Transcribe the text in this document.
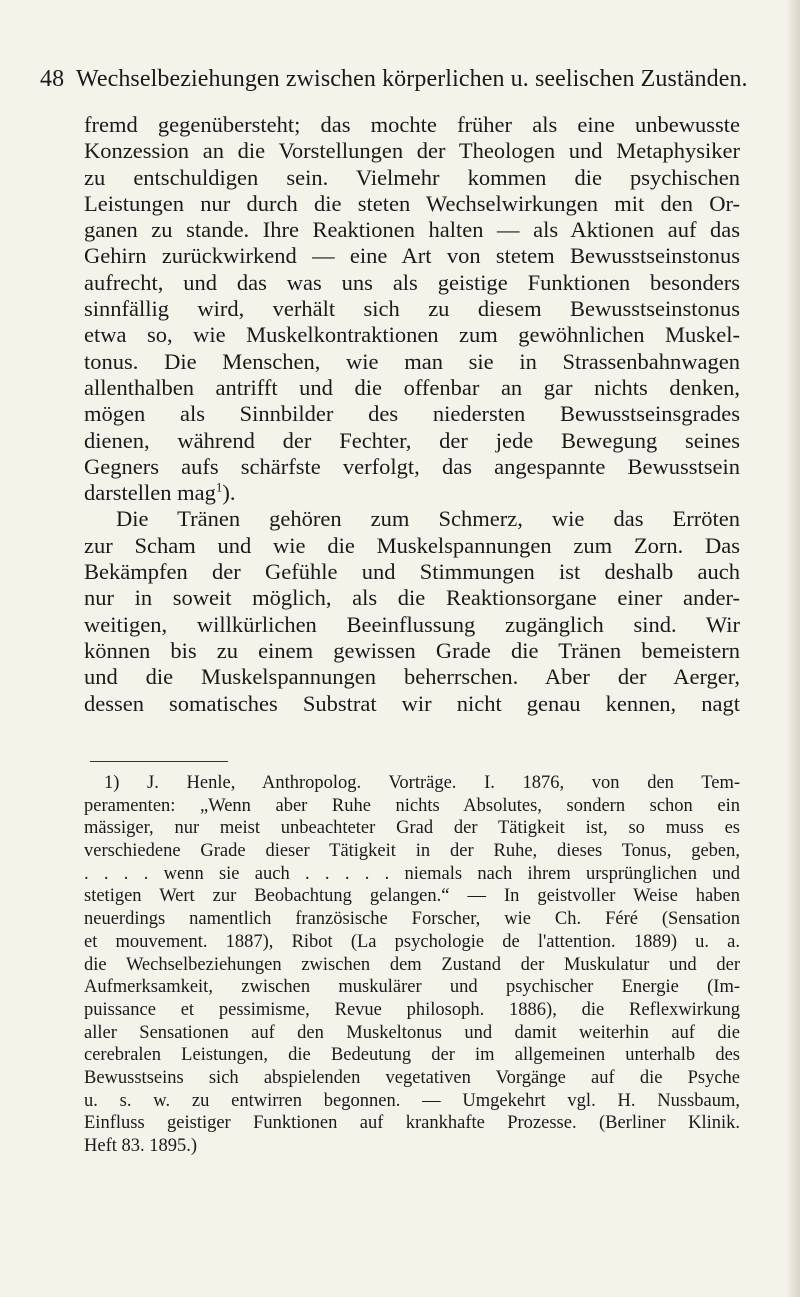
48 Wechselbeziehungen zwischen körperlichen u. seelischen Zuständen.
fremd gegenübersteht; das mochte früher als eine unbewusste
Konzession an die Vorstellungen der Theologen und Metaphysiker
zu entschuldigen sein. Vielmehr kommen die psychischen
Leistungen nur durch die steten Wechselwirkungen mit den Or-
ganen zu stande. Ihre Reaktionen halten — als Aktionen auf das
Gehirn zurückwirkend — eine Art von stetem Bewusstseinstonus
aufrecht, und das was uns als geistige Funktionen besonders
sinnfällig wird, verhält sich zu diesem Bewusstseinstonus
etwa so, wie Muskelkontraktionen zum gewöhnlichen Muskel-
tonus. Die Menschen, wie man sie in Strassenbahnwagen
allenthalben antrifft und die offenbar an gar nichts denken,
mögen als Sinnbilder des niedersten Bewusstseinsgrades
dienen, während der Fechter, der jede Bewegung seines
Gegners aufs schärfste verfolgt, das angespannte Bewusstsein
darstellen mag$^1$).
Die Tränen gehören zum Schmerz, wie das Erröten
zur Scham und wie die Muskelspannungen zum Zorn. Das
Bekämpfen der Gefühle und Stimmungen ist deshalb auch
nur in soweit möglich, als die Reaktionsorgane einer ander-
weitigen, willkürlichen Beeinflussung zugänglich sind. Wir
können bis zu einem gewissen Grade die Tränen bemeistern
und die Muskelspannungen beherrschen. Aber der Aerger,
dessen somatisches Substrat wir nicht genau kennen, nagt
1) J. Henle, Anthropolog. Vorträge. I. 1876, von den Tem-
peramenten: „Wenn aber Ruhe nichts Absolutes, sondern schon ein
mässiger, nur meist unbeachteter Grad der Tätigkeit ist, so muss es
verschiedene Grade dieser Tätigkeit in der Ruhe, dieses Tonus, geben,
. . . . wenn sie auch . . . . . niemals nach ihrem ursprünglichen und
stetigen Wert zur Beobachtung gelangen.“ — In geistvoller Weise haben
neuerdings namentlich französische Forscher, wie Ch. Féré (Sensation
et mouvement. 1887), Ribot (La psychologie de l'attention. 1889) u. a.
die Wechselbeziehungen zwischen dem Zustand der Muskulatur und der
Aufmerksamkeit, zwischen muskulärer und psychischer Energie (Im-
puissance et pessimisme, Revue philosoph. 1886), die Reflexwirkung
aller Sensationen auf den Muskeltonus und damit weiterhin auf die
cerebralen Leistungen, die Bedeutung der im allgemeinen unterhalb des
Bewusstseins sich abspielenden vegetativen Vorgänge auf die Psyche
u. s. w. zu entwirren begonnen. — Umgekehrt vgl. H. Nussbaum,
Einfluss geistiger Funktionen auf krankhafte Prozesse. (Berliner Klinik.
Heft 83. 1895.)
